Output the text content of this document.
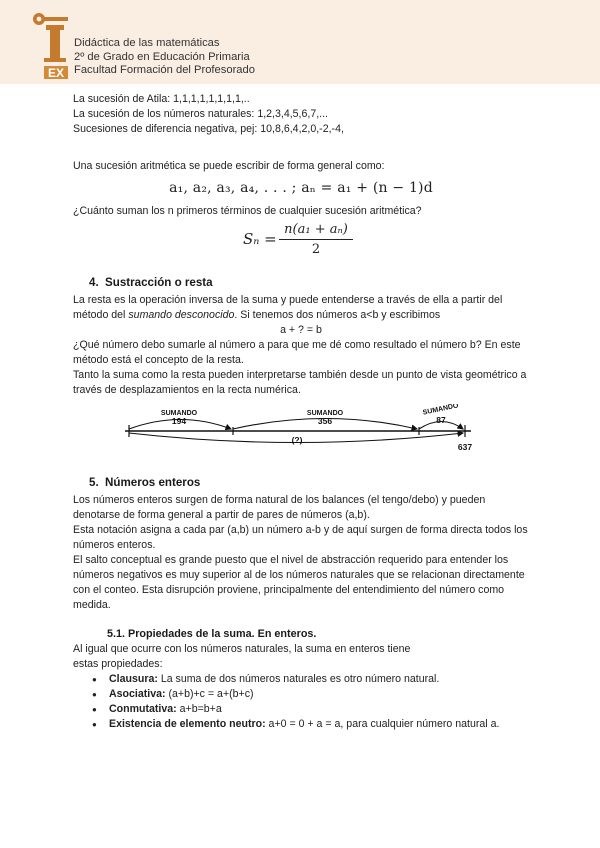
EX
Didáctica de las matemáticas
2º de Grado en Educación Primaria
Facultad Formación del Profesorado

La sucesión de Atila: 1,1,1,1,1,1,1,1,..

La sucesión de los números naturales: 1,2,3,4,5,6,7,...

Sucesiones de diferencia negativa, pej: 10,8,6,4,2,0,-2,-4,

Una sucesión aritmética se puede escribir de forma general como:

a₁, a₂, a₃, a₄, . . . ; aₙ = a₁ + (n − 1)d

¿Cuánto suman los n primeros términos de cualquier sucesión aritmética?

Sₙ =
n(a₁ + aₙ)
2
4. Sustracción o resta

La resta es la operación inversa de la suma y puede entenderse a través de ella a partir del método del sumando desconocido. Si tenemos dos números a<b y escribimos

a + ? = b

¿Qué número debo sumarle al número a para que me dé como resultado el número b? En este método está el concepto de la resta.

Tanto la suma como la resta pueden interpretarse también desde un punto de vista geométrico a través de desplazamientos en la recta numérica.

SUMANDO
194
SUMANDO
356
SUMANDO
87
(?)
637
5. Números enteros

Los números enteros surgen de forma natural de los balances (el tengo/debo) y pueden denotarse de forma general a partir de pares de números (a,b).

Esta notación asigna a cada par (a,b) un número a-b y de aquí surgen de forma directa todos los números enteros.

El salto conceptual es grande puesto que el nivel de abstracción requerido para entender los números negativos es muy superior al de los números naturales que se relacionan directamente con el conteo. Esta disrupción proviene, principalmente del entendimiento del número como medida.

5.1. Propiedades de la suma. En enteros.

Al igual que ocurre con los números naturales, la suma en enteros tiene

estas propiedades:

● Clausura: La suma de dos números naturales es otro número natural.
● Asociativa: (a+b)+c = a+(b+c)
● Conmutativa: a+b=b+a
● Existencia de elemento neutro: a+0 = 0 + a = a, para cualquier número natural a.
